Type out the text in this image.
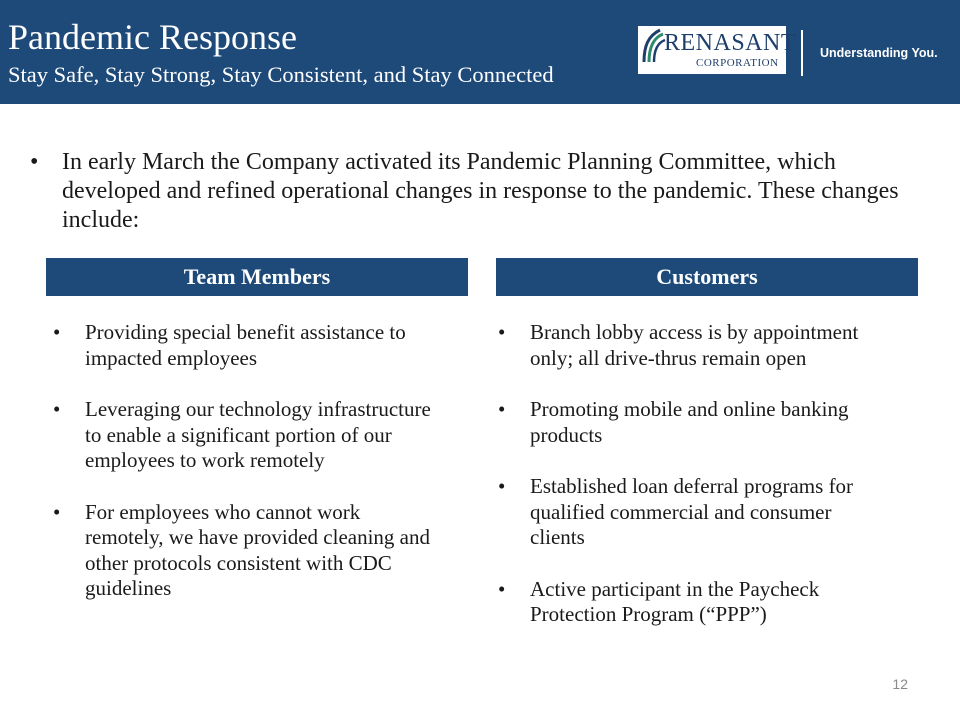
Pandemic Response
Stay Safe, Stay Strong, Stay Consistent, and Stay Connected
RENASANT
CORPORATION
Understanding You.
• In early March the Company activated its Pandemic Planning Committee, which developed and refined operational changes in response to the pandemic. These changes include:
Team Members	Customers
•	Providing special benefit assistance to impacted employees
•	Leveraging our technology infrastructure to enable a significant portion of our employees to work remotely
•	For employees who cannot work remotely, we have provided cleaning and other protocols consistent with CDC guidelines
•	Branch lobby access is by appointment only; all drive-thrus remain open
•	Promoting mobile and online banking products
•	Established loan deferral programs for qualified commercial and consumer clients
•	Active participant in the Paycheck Protection Program (“PPP”)
12
